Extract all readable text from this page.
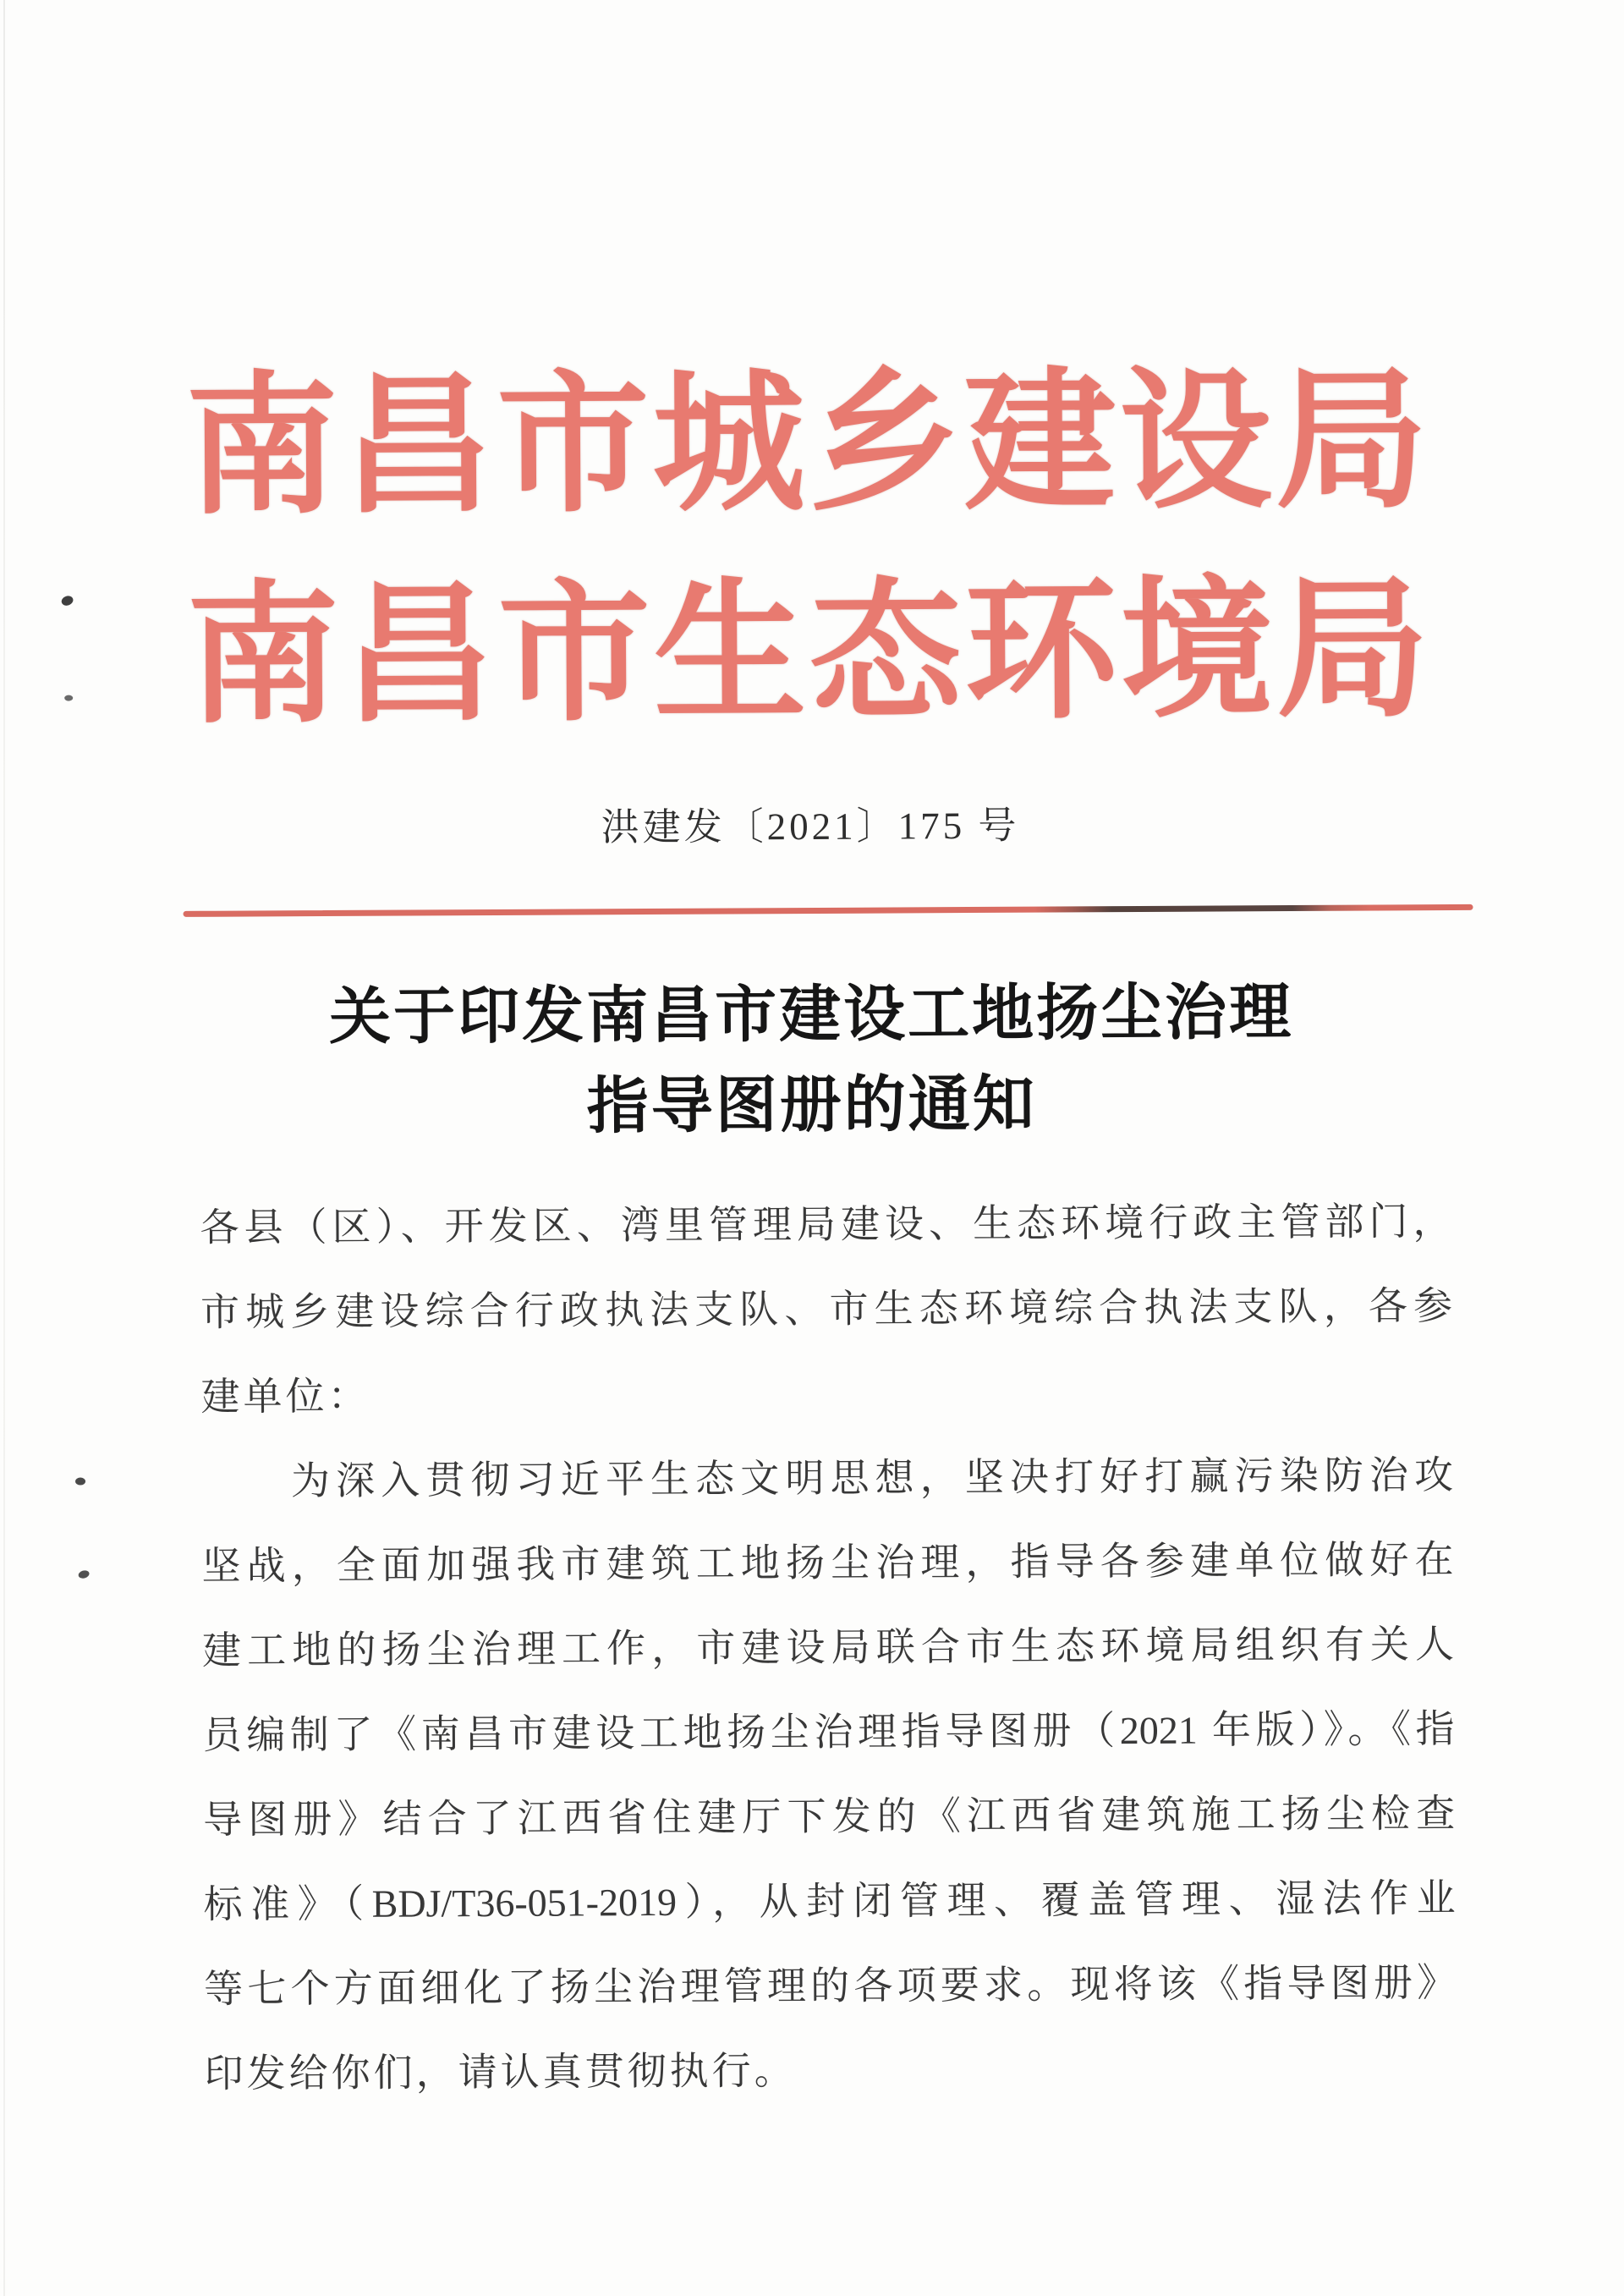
南昌市城乡建设局
南昌市生态环境局
洪建发〔2021〕175 号
关于印发南昌市建设工地扬尘治理
指导图册的通知
各县（区）、开发区、湾里管理局建设、生态环境行政主管部门，
市城乡建设综合行政执法支队、市生态环境综合执法支队，各参
建单位：
为深入贯彻习近平生态文明思想，坚决打好打赢污染防治攻
坚战，全面加强我市建筑工地扬尘治理，指导各参建单位做好在
建工地的扬尘治理工作，市建设局联合市生态环境局组织有关人
员编制了《南昌市建设工地扬尘治理指导图册（2021 年版）》。《指
导图册》结合了江西省住建厅下发的《江西省建筑施工扬尘检查
标准》（BDJ/T36-051-2019），从封闭管理、覆盖管理、湿法作业
等七个方面细化了扬尘治理管理的各项要求。现将该《指导图册》
印发给你们，请认真贯彻执行。
